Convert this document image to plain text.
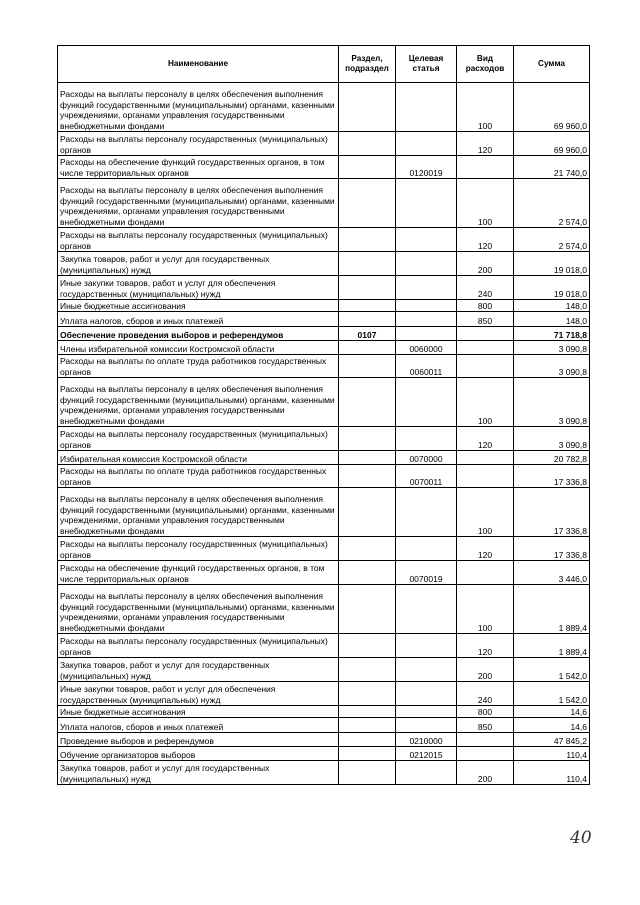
Наименование	Раздел, подраздел	Целевая статья	Вид расходов	Сумма
Расходы на выплаты персоналу в целях обеспечения выполнения функций государственными (муниципальными) органами, казенными учреждениями, органами управления государственными внебюджетными фондами			100	69 960,0
Расходы на выплаты персоналу государственных (муниципальных) органов			120	69 960,0
Расходы на обеспечение функций государственных органов, в том числе территориальных органов		0120019		21 740,0
Расходы на выплаты персоналу в целях обеспечения выполнения функций государственными (муниципальными) органами, казенными учреждениями, органами управления государственными внебюджетными фондами			100	2 574,0
Расходы на выплаты персоналу государственных (муниципальных) органов			120	2 574,0
Закупка товаров, работ и услуг для государственных (муниципальных) нужд			200	19 018,0
Иные закупки товаров, работ и услуг для обеспечения государственных (муниципальных) нужд			240	19 018,0
Иные бюджетные ассигнования			800	148,0
Уплата налогов, сборов и иных платежей			850	148,0
Обеспечение проведения выборов и референдумов	0107			71 718,8
Члены избирательной комиссии Костромской области		0060000		3 090,8
Расходы на выплаты по оплате труда работников государственных органов		0060011		3 090,8
Расходы на выплаты персоналу в целях обеспечения выполнения функций государственными (муниципальными) органами, казенными учреждениями, органами управления государственными внебюджетными фондами			100	3 090,8
Расходы на выплаты персоналу государственных (муниципальных) органов			120	3 090,8
Избирательная комиссия Костромской области		0070000		20 782,8
Расходы на выплаты по оплате труда работников государственных органов		0070011		17 336,8
Расходы на выплаты персоналу в целях обеспечения выполнения функций государственными (муниципальными) органами, казенными учреждениями, органами управления государственными внебюджетными фондами			100	17 336,8
Расходы на выплаты персоналу государственных (муниципальных) органов			120	17 336,8
Расходы на обеспечение функций государственных органов, в том числе территориальных органов		0070019		3 446,0
Расходы на выплаты персоналу в целях обеспечения выполнения функций государственными (муниципальными) органами, казенными учреждениями, органами управления государственными внебюджетными фондами			100	1 889,4
Расходы на выплаты персоналу государственных (муниципальных) органов			120	1 889,4
Закупка товаров, работ и услуг для государственных (муниципальных) нужд			200	1 542,0
Иные закупки товаров, работ и услуг для обеспечения государственных (муниципальных) нужд			240	1 542,0
Иные бюджетные ассигнования			800	14,6
Уплата налогов, сборов и иных платежей			850	14,6
Проведение выборов и референдумов		0210000		47 845,2
Обучение организаторов выборов		0212015		110,4
Закупка товаров, работ и услуг для государственных (муниципальных) нужд			200	110,4
40
